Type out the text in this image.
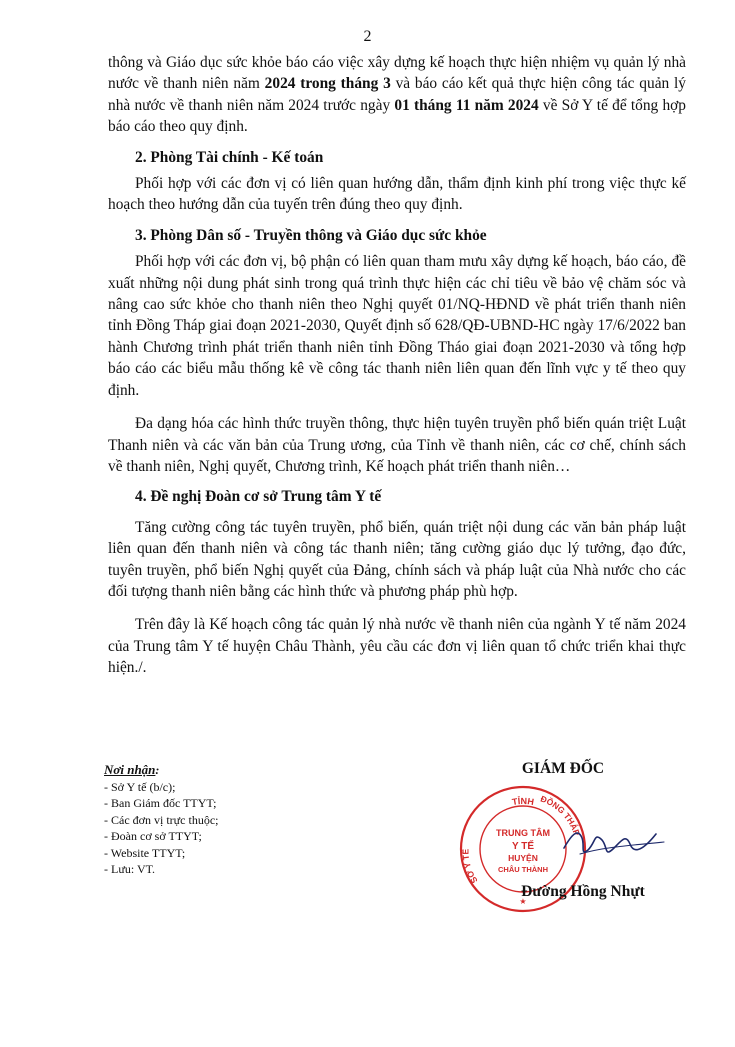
2

thông và Giáo dục sức khỏe báo cáo việc xây dựng kế hoạch thực hiện nhiệm vụ quản lý nhà nước về thanh niên năm 2024 trong tháng 3 và báo cáo kết quả thực hiện công tác quản lý nhà nước về thanh niên năm 2024 trước ngày 01 tháng 11 năm 2024 về Sở Y tế để tổng hợp báo cáo theo quy định.

2. Phòng Tài chính - Kế toán

Phối hợp với các đơn vị có liên quan hướng dẫn, thẩm định kinh phí trong việc thực kế hoạch theo hướng dẫn của tuyến trên đúng theo quy định.

3. Phòng Dân số - Truyền thông và Giáo dục sức khỏe

Phối hợp với các đơn vị, bộ phận có liên quan tham mưu xây dựng kế hoạch, báo cáo, đề xuất những nội dung phát sinh trong quá trình thực hiện các chỉ tiêu về bảo vệ chăm sóc và nâng cao sức khỏe cho thanh niên theo Nghị quyết 01/NQ-HĐND về phát triển thanh niên tỉnh Đồng Tháp giai đoạn 2021-2030, Quyết định số 628/QĐ-UBND-HC ngày 17/6/2022 ban hành Chương trình phát triển thanh niên tỉnh Đồng Tháo giai đoạn 2021-2030 và tổng hợp báo cáo các biểu mẫu thống kê về công tác thanh niên liên quan đến lĩnh vực y tế theo quy định.

Đa dạng hóa các hình thức truyền thông, thực hiện tuyên truyền phổ biến quán triệt Luật Thanh niên và các văn bản của Trung ương, của Tỉnh về thanh niên, các cơ chế, chính sách về thanh niên, Nghị quyết, Chương trình, Kế hoạch phát triển thanh niên…

4. Đề nghị Đoàn cơ sở Trung tâm Y tế

Tăng cường công tác tuyên truyền, phổ biến, quán triệt nội dung các văn bản pháp luật liên quan đến thanh niên và công tác thanh niên; tăng cường giáo dục lý tưởng, đạo đức, tuyên truyền, phổ biến Nghị quyết của Đảng, chính sách và pháp luật của Nhà nước cho các đối tượng thanh niên bằng các hình thức và phương pháp phù hợp.

Trên đây là Kế hoạch công tác quản lý nhà nước về thanh niên của ngành Y tế năm 2024 của Trung tâm Y tế huyện Châu Thành, yêu cầu các đơn vị liên quan tổ chức triển khai thực hiện./.

Nơi nhận:
- Sở Y tế (b/c);
- Ban Giám đốc TTYT;
- Các đơn vị trực thuộc;
- Đoàn cơ sở TTYT;
- Website TTYT;
- Lưu: VT.
GIÁM ĐỐC
TỈNH ĐỒNG THÁP
SỞ Y TẾ
TRUNG TÂM
Y TẾ
HUYỆN
CHÂU THÀNH
★
Đường Hồng Nhựt
